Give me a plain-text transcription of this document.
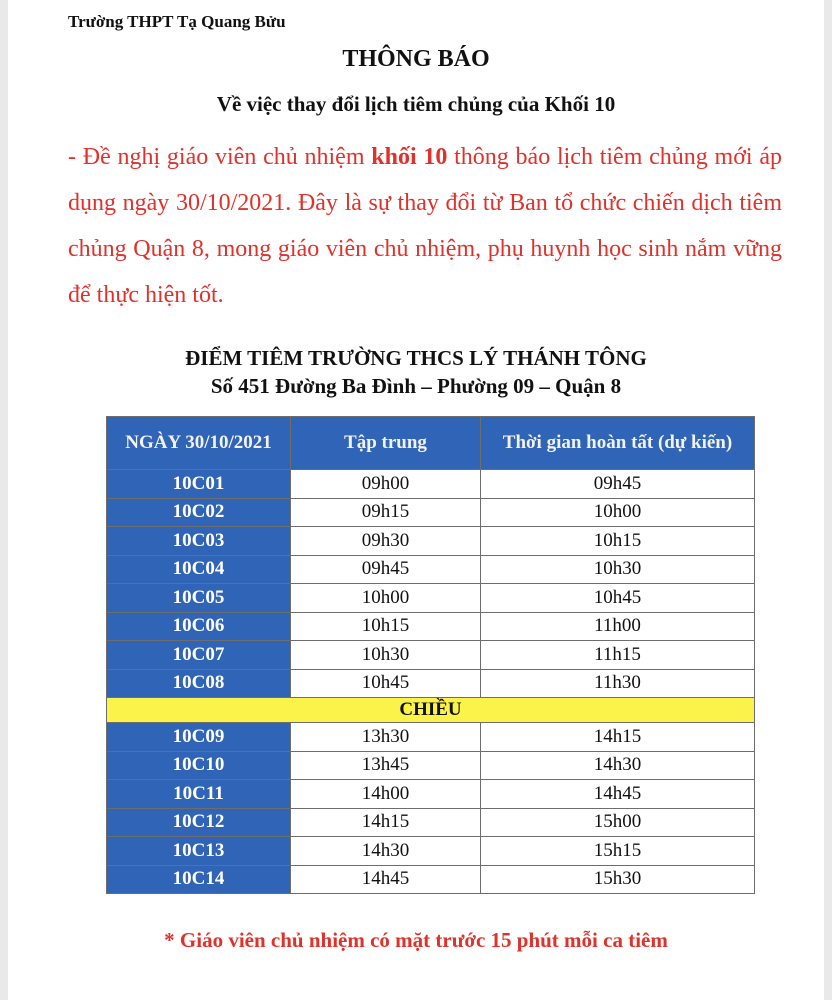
Trường THPT Tạ Quang Bửu
THÔNG BÁO
Về việc thay đổi lịch tiêm chủng của Khối 10
- Đề nghị giáo viên chủ nhiệm khối 10 thông báo lịch tiêm chủng mới áp dụng ngày 30/10/2021. Đây là sự thay đổi từ Ban tổ chức chiến dịch tiêm chủng Quận 8, mong giáo viên chủ nhiệm, phụ huynh học sinh nắm vững để thực hiện tốt.
ĐIỂM TIÊM TRƯỜNG THCS LÝ THÁNH TÔNG
Số 451 Đường Ba Đình – Phường 09 – Quận 8
NGÀY 30/10/2021	Tập trung	Thời gian hoàn tất (dự kiến)
10C01	09h00	09h45
10C02	09h15	10h00
10C03	09h30	10h15
10C04	09h45	10h30
10C05	10h00	10h45
10C06	10h15	11h00
10C07	10h30	11h15
10C08	10h45	11h30
CHIỀU		
10C09	13h30	14h15
10C10	13h45	14h30
10C11	14h00	14h45
10C12	14h15	15h00
10C13	14h30	15h15
10C14	14h45	15h30
* Giáo viên chủ nhiệm có mặt trước 15 phút mỗi ca tiêm
